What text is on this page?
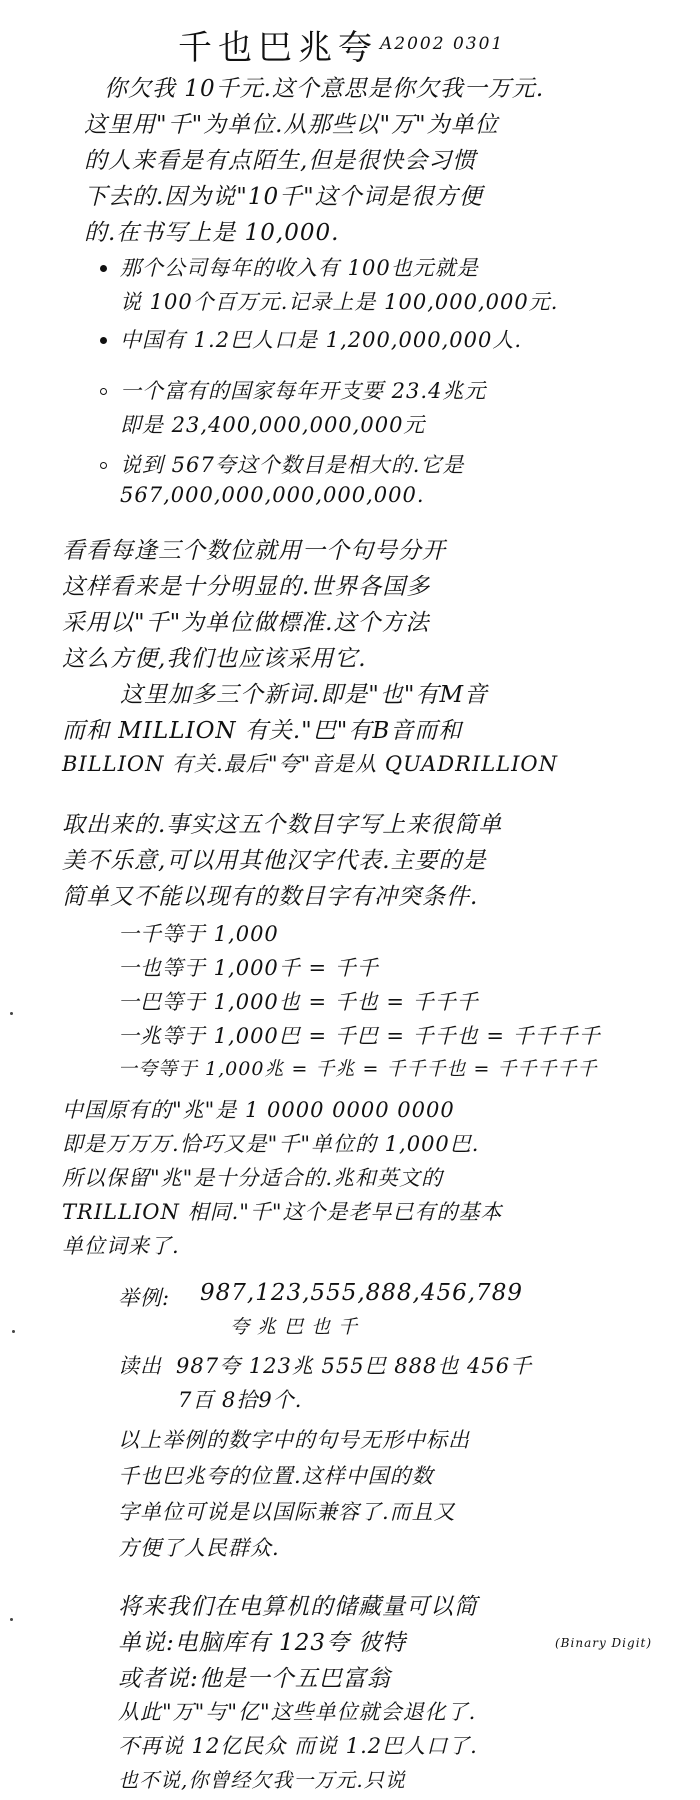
千也巴兆夸 A2002 0301
你欠我 10千元.这个意思是你欠我一万元.
这里用"千"为单位.从那些以"万"为单位
的人来看是有点陌生,但是很快会习惯
下去的.因为说"10千"这个词是很方便
的.在书写上是 10,000.
那个公司每年的收入有 100也元就是
说 100个百万元.记录上是 100,000,000元.
中国有 1.2巴人口是 1,200,000,000人.
一个富有的国家每年开支要 23.4兆元
即是 23,400,000,000,000元
说到 567夸这个数目是相大的.它是
567,000,000,000,000,000.
看看每逢三个数位就用一个句号分开
这样看来是十分明显的.世界各国多
采用以"千"为单位做標准.这个方法
这么方便,我们也应该采用它.
这里加多三个新词.即是"也"有M音
而和 MILLION 有关."巴"有B音而和
BILLION 有关.最后"夸"音是从 QUADRILLION
取出来的.事实这五个数目字写上来很简单
美不乐意,可以用其他汉字代表.主要的是
简单又不能以现有的数目字有冲突条件.
一千等于 1,000
一也等于 1,000千 = 千千
一巴等于 1,000也 = 千也 = 千千千
一兆等于 1,000巴 = 千巴 = 千千也 = 千千千千
一夸等于 1,000兆 = 千兆 = 千千千也 = 千千千千千
中国原有的"兆"是 1 0000 0000 0000
即是万万万.恰巧又是"千"单位的 1,000巴.
所以保留"兆"是十分适合的.兆和英文的
TRILLION 相同."千"这个是老早已有的基本
单位词来了.
举例: 987,123,555,888,456,789
夸 兆 巴 也 千
读出 987夸 123兆 555巴 888也 456千
7百 8拾9个.
以上举例的数字中的句号无形中标出
千也巴兆夸的位置.这样中国的数
字单位可说是以国际兼容了.而且又
方便了人民群众.
将来我们在电算机的储藏量可以简
单说:电脑库有 123夸 彼特	(Binary Digit)
或者说:他是一个五巴富翁
从此"万"与"亿"这些单位就会退化了.
不再说 12亿民众 而说 1.2巴人口了.
也不说,你曾经欠我一万元.只说
